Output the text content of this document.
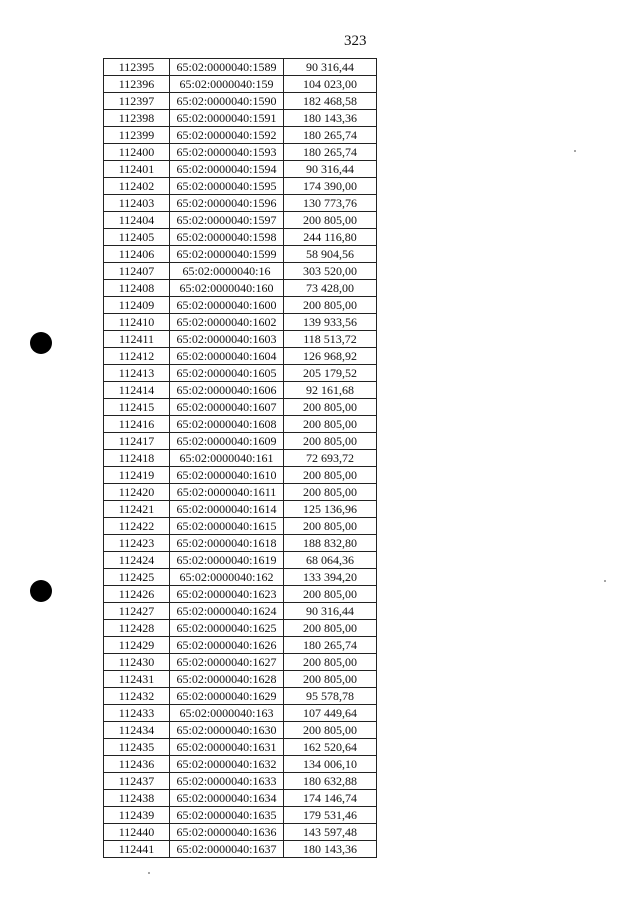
323
112395	65:02:0000040:1589	90 316,44
112396	65:02:0000040:159	104 023,00
112397	65:02:0000040:1590	182 468,58
112398	65:02:0000040:1591	180 143,36
112399	65:02:0000040:1592	180 265,74
112400	65:02:0000040:1593	180 265,74
112401	65:02:0000040:1594	90 316,44
112402	65:02:0000040:1595	174 390,00
112403	65:02:0000040:1596	130 773,76
112404	65:02:0000040:1597	200 805,00
112405	65:02:0000040:1598	244 116,80
112406	65:02:0000040:1599	58 904,56
112407	65:02:0000040:16	303 520,00
112408	65:02:0000040:160	73 428,00
112409	65:02:0000040:1600	200 805,00
112410	65:02:0000040:1602	139 933,56
112411	65:02:0000040:1603	118 513,72
112412	65:02:0000040:1604	126 968,92
112413	65:02:0000040:1605	205 179,52
112414	65:02:0000040:1606	92 161,68
112415	65:02:0000040:1607	200 805,00
112416	65:02:0000040:1608	200 805,00
112417	65:02:0000040:1609	200 805,00
112418	65:02:0000040:161	72 693,72
112419	65:02:0000040:1610	200 805,00
112420	65:02:0000040:1611	200 805,00
112421	65:02:0000040:1614	125 136,96
112422	65:02:0000040:1615	200 805,00
112423	65:02:0000040:1618	188 832,80
112424	65:02:0000040:1619	68 064,36
112425	65:02:0000040:162	133 394,20
112426	65:02:0000040:1623	200 805,00
112427	65:02:0000040:1624	90 316,44
112428	65:02:0000040:1625	200 805,00
112429	65:02:0000040:1626	180 265,74
112430	65:02:0000040:1627	200 805,00
112431	65:02:0000040:1628	200 805,00
112432	65:02:0000040:1629	95 578,78
112433	65:02:0000040:163	107 449,64
112434	65:02:0000040:1630	200 805,00
112435	65:02:0000040:1631	162 520,64
112436	65:02:0000040:1632	134 006,10
112437	65:02:0000040:1633	180 632,88
112438	65:02:0000040:1634	174 146,74
112439	65:02:0000040:1635	179 531,46
112440	65:02:0000040:1636	143 597,48
112441	65:02:0000040:1637	180 143,36
